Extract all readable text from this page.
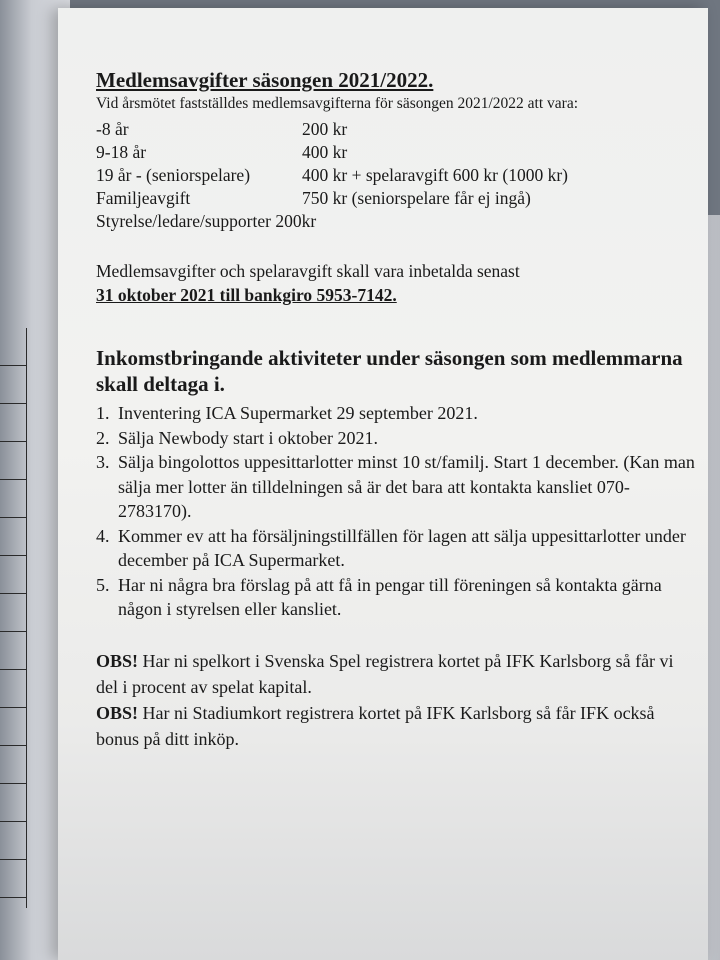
Medlemsavgifter säsongen 2021/2022.
Vid årsmötet fastställdes medlemsavgifterna för säsongen 2021/2022 att vara:
-8 år	200 kr
9-18 år	400 kr
19 år - (seniorspelare)	400 kr + spelaravgift 600 kr (1000 kr)
Familjeavgift	750 kr (seniorspelare får ej ingå)
Styrelse/ledare/supporter 200kr
Medlemsavgifter och spelaravgift skall vara inbetalda senast
31 oktober 2021 till bankgiro 5953-7142.
Inkomstbringande aktiviteter under säsongen som medlemmarna skall deltaga i.
1. Inventering ICA Supermarket 29 september 2021.
2. Sälja Newbody start i oktober 2021.
3. Sälja bingolottos uppesittarlotter minst 10 st/familj. Start 1 december. (Kan man sälja mer lotter än tilldelningen så är det bara att kontakta kansliet 070-2783170).
4. Kommer ev att ha försäljningstillfällen för lagen att sälja uppesittarlotter under december på ICA Supermarket.
5. Har ni några bra förslag på att få in pengar till föreningen så kontakta gärna någon i styrelsen eller kansliet.

OBS! Har ni spelkort i Svenska Spel registrera kortet på IFK Karlsborg så får vi del i procent av spelat kapital.

OBS! Har ni Stadiumkort registrera kortet på IFK Karlsborg så får IFK också bonus på ditt inköp.
